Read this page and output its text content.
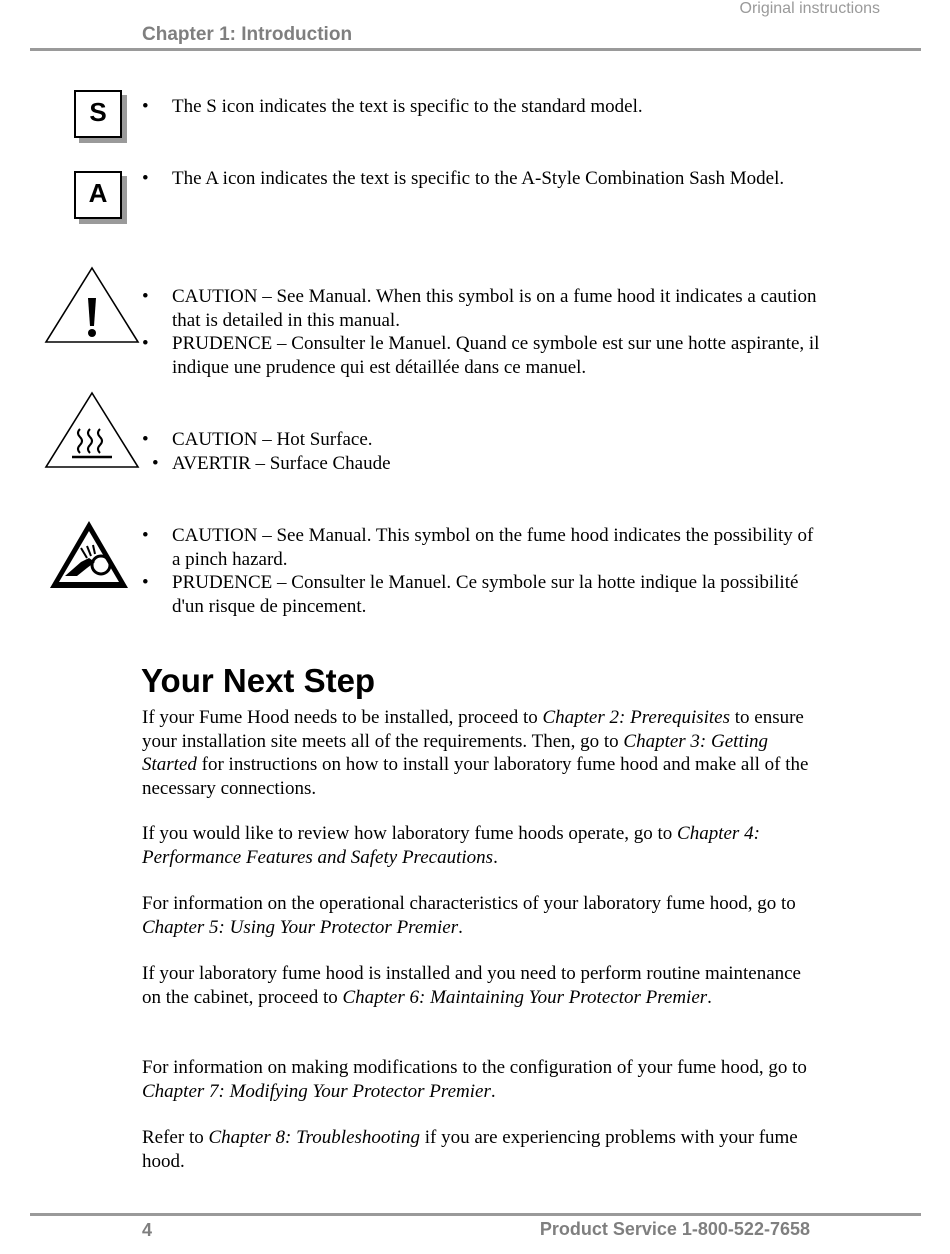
Original instructions
Chapter 1: Introduction
S	• The S icon indicates the text is specific to the standard model.
A	• The A icon indicates the text is specific to the A-Style Combination Sash Model.
• CAUTION – See Manual. When this symbol is on a fume hood it indicates a caution that is detailed in this manual.
• PRUDENCE – Consulter le Manuel. Quand ce symbole est sur une hotte aspirante, il indique une prudence qui est détaillée dans ce manuel.
• CAUTION – Hot Surface.
• AVERTIR – Surface Chaude
• CAUTION – See Manual. This symbol on the fume hood indicates the possibility of a pinch hazard.
• PRUDENCE – Consulter le Manuel. Ce symbole sur la hotte indique la possibilité d'un risque de pincement.
Your Next Step

If your Fume Hood needs to be installed, proceed to Chapter 2: Prerequisites to ensure your installation site meets all of the requirements. Then, go to Chapter 3: Getting Started for instructions on how to install your laboratory fume hood and make all of the necessary connections.

If you would like to review how laboratory fume hoods operate, go to Chapter 4: Performance Features and Safety Precautions.

For information on the operational characteristics of your laboratory fume hood, go to Chapter 5: Using Your Protector Premier.

If your laboratory fume hood is installed and you need to perform routine maintenance on the cabinet, proceed to Chapter 6: Maintaining Your Protector Premier.

For information on making modifications to the configuration of your fume hood, go to Chapter 7: Modifying Your Protector Premier.

Refer to Chapter 8: Troubleshooting if you are experiencing problems with your fume hood.

4	Product Service 1-800-522-7658
